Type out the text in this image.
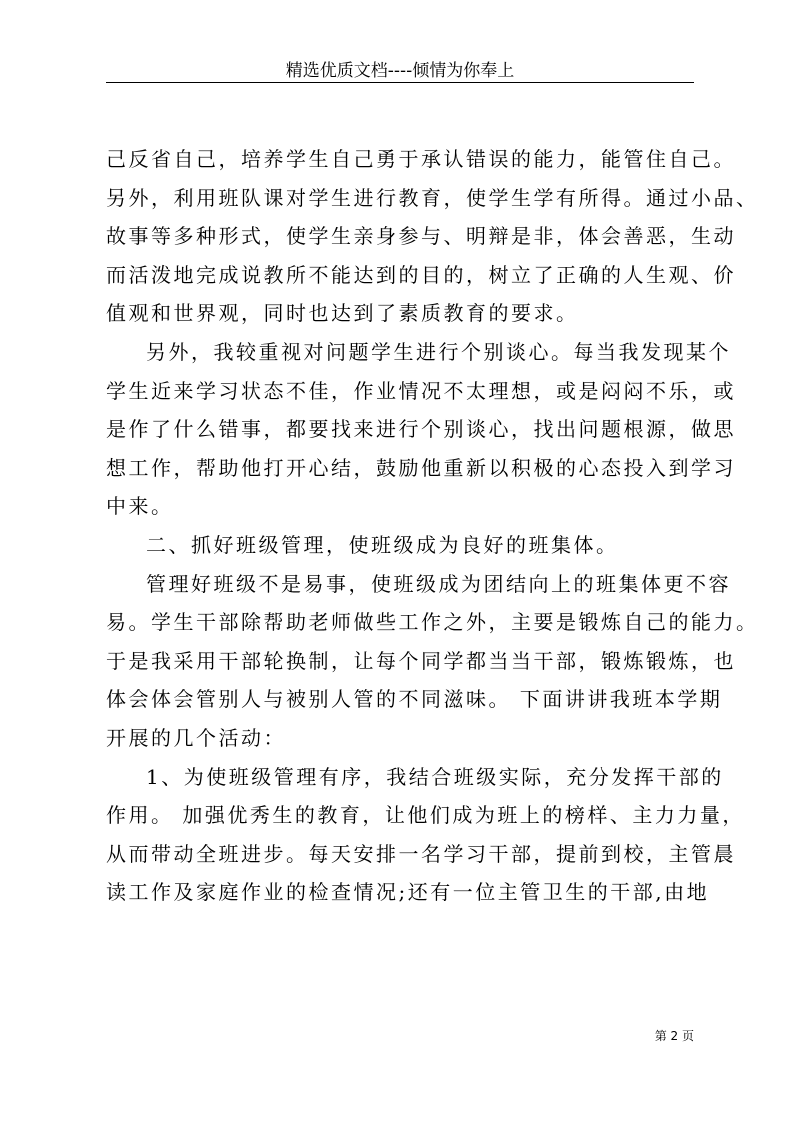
精选优质文档----倾情为你奉上
己反省自己，培养学生自己勇于承认错误的能力，能管住自己。
另外，利用班队课对学生进行教育，使学生学有所得。通过小品、
故事等多种形式，使学生亲身参与、明辩是非，体会善恶，生动
而活泼地完成说教所不能达到的目的，树立了正确的人生观、价
值观和世界观，同时也达到了素质教育的要求。
另外，我较重视对问题学生进行个别谈心。每当我发现某个
学生近来学习状态不佳，作业情况不太理想，或是闷闷不乐，或
是作了什么错事，都要找来进行个别谈心，找出问题根源，做思
想工作，帮助他打开心结，鼓励他重新以积极的心态投入到学习
中来。
二、抓好班级管理，使班级成为良好的班集体。
管理好班级不是易事，使班级成为团结向上的班集体更不容
易。学生干部除帮助老师做些工作之外，主要是锻炼自己的能力。
于是我采用干部轮换制，让每个同学都当当干部，锻炼锻炼，也
体会体会管别人与被别人管的不同滋味。 下面讲讲我班本学期
开展的几个活动：
1、为使班级管理有序，我结合班级实际，充分发挥干部的
作用。 加强优秀生的教育，让他们成为班上的榜样、主力力量，
从而带动全班进步。每天安排一名学习干部，提前到校，主管晨
读工作及家庭作业的检查情况;还有一位主管卫生的干部,由地
第 2 页
